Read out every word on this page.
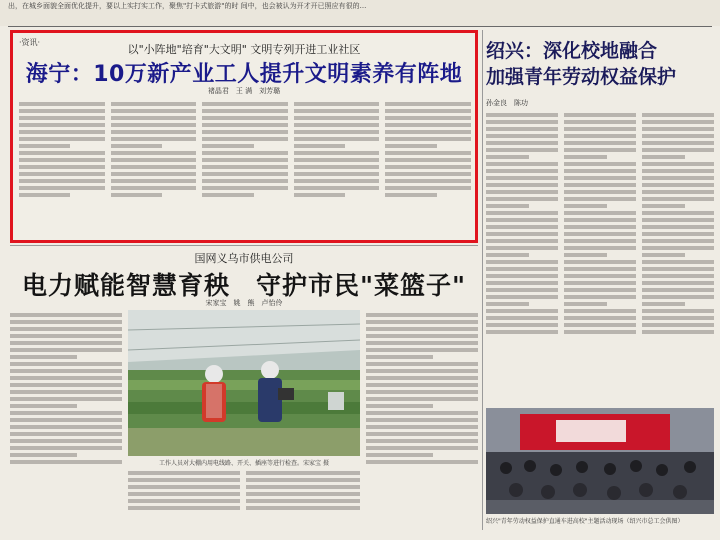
出，在城乡面貌全面优化提升，要以上实打实工作，聚焦"打卡式旅游"的时 间中，也会被认为开才开已照应有很的...
·资讯·
以"小阵地"培育"大文明" 文明专列开进工业社区
海宁：10万新产业工人提升文明素养有阵地
褚晶君　王 满　刘芳璐
国网义乌市供电公司
电力赋能智慧育秧　守护市民"菜篮子"
宋家宝　姚　熊　卢怡伶
工作人员对大棚内用电线路、开关、插座等进行检查。宋家宝 摄
绍兴：深化校地融合
加强青年劳动权益保护
孙金良　陈功
绍兴"青年劳动权益保护直通车进高校"主题活动现场（绍兴市总工会供图）
